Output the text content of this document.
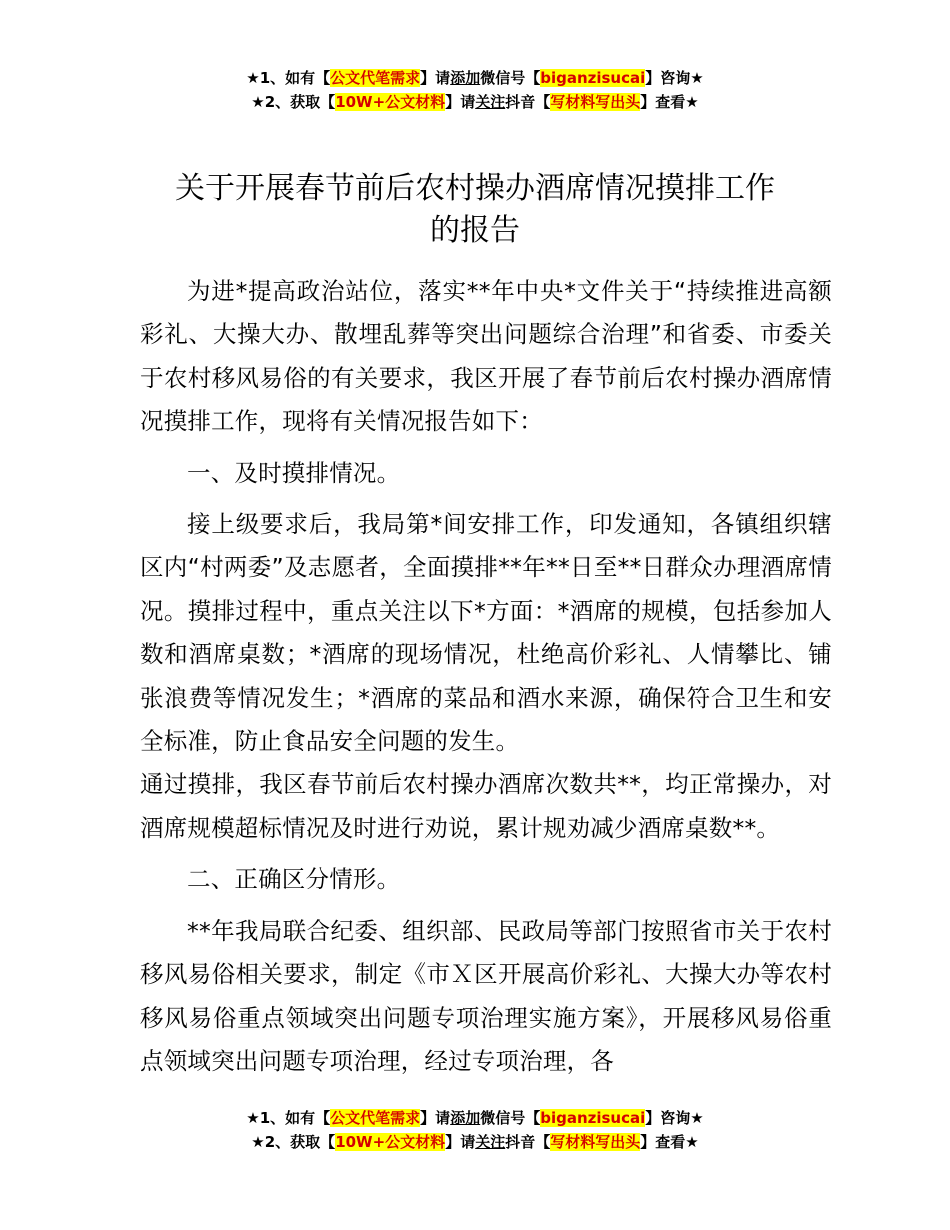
★1、如有【公文代笔需求】请添加微信号【biganzisucai】咨询★
★2、获取【10W+公文材料】请关注抖音【写材料写出头】查看★
关于开展春节前后农村操办酒席情况摸排工作
的报告

为进*提高政治站位，落实**年中央*文件关于“持续推进高额彩礼、大操大办、散埋乱葬等突出问题综合治理”和省委、市委关于农村移风易俗的有关要求，我区开展了春节前后农村操办酒席情况摸排工作，现将有关情况报告如下：

一、及时摸排情况。

接上级要求后，我局第*间安排工作，印发通知，各镇组织辖区内“村两委”及志愿者，全面摸排**年**日至**日群众办理酒席情况。摸排过程中，重点关注以下*方面：*酒席的规模，包括参加人数和酒席桌数；*酒席的现场情况，杜绝高价彩礼、人情攀比、铺张浪费等情况发生；*酒席的菜品和酒水来源，确保符合卫生和安全标准，防止食品安全问题的发生。

通过摸排，我区春节前后农村操办酒席次数共**，均正常操办，对酒席规模超标情况及时进行劝说，累计规劝减少酒席桌数**。

二、正确区分情形。

**年我局联合纪委、组织部、民政局等部门按照省市关于农村移风易俗相关要求，制定《市Ｘ区开展高价彩礼、大操大办等农村移风易俗重点领域突出问题专项治理实施方案》，开展移风易俗重点领域突出问题专项治理，经过专项治理，各

★1、如有【公文代笔需求】请添加微信号【biganzisucai】咨询★
★2、获取【10W+公文材料】请关注抖音【写材料写出头】查看★
